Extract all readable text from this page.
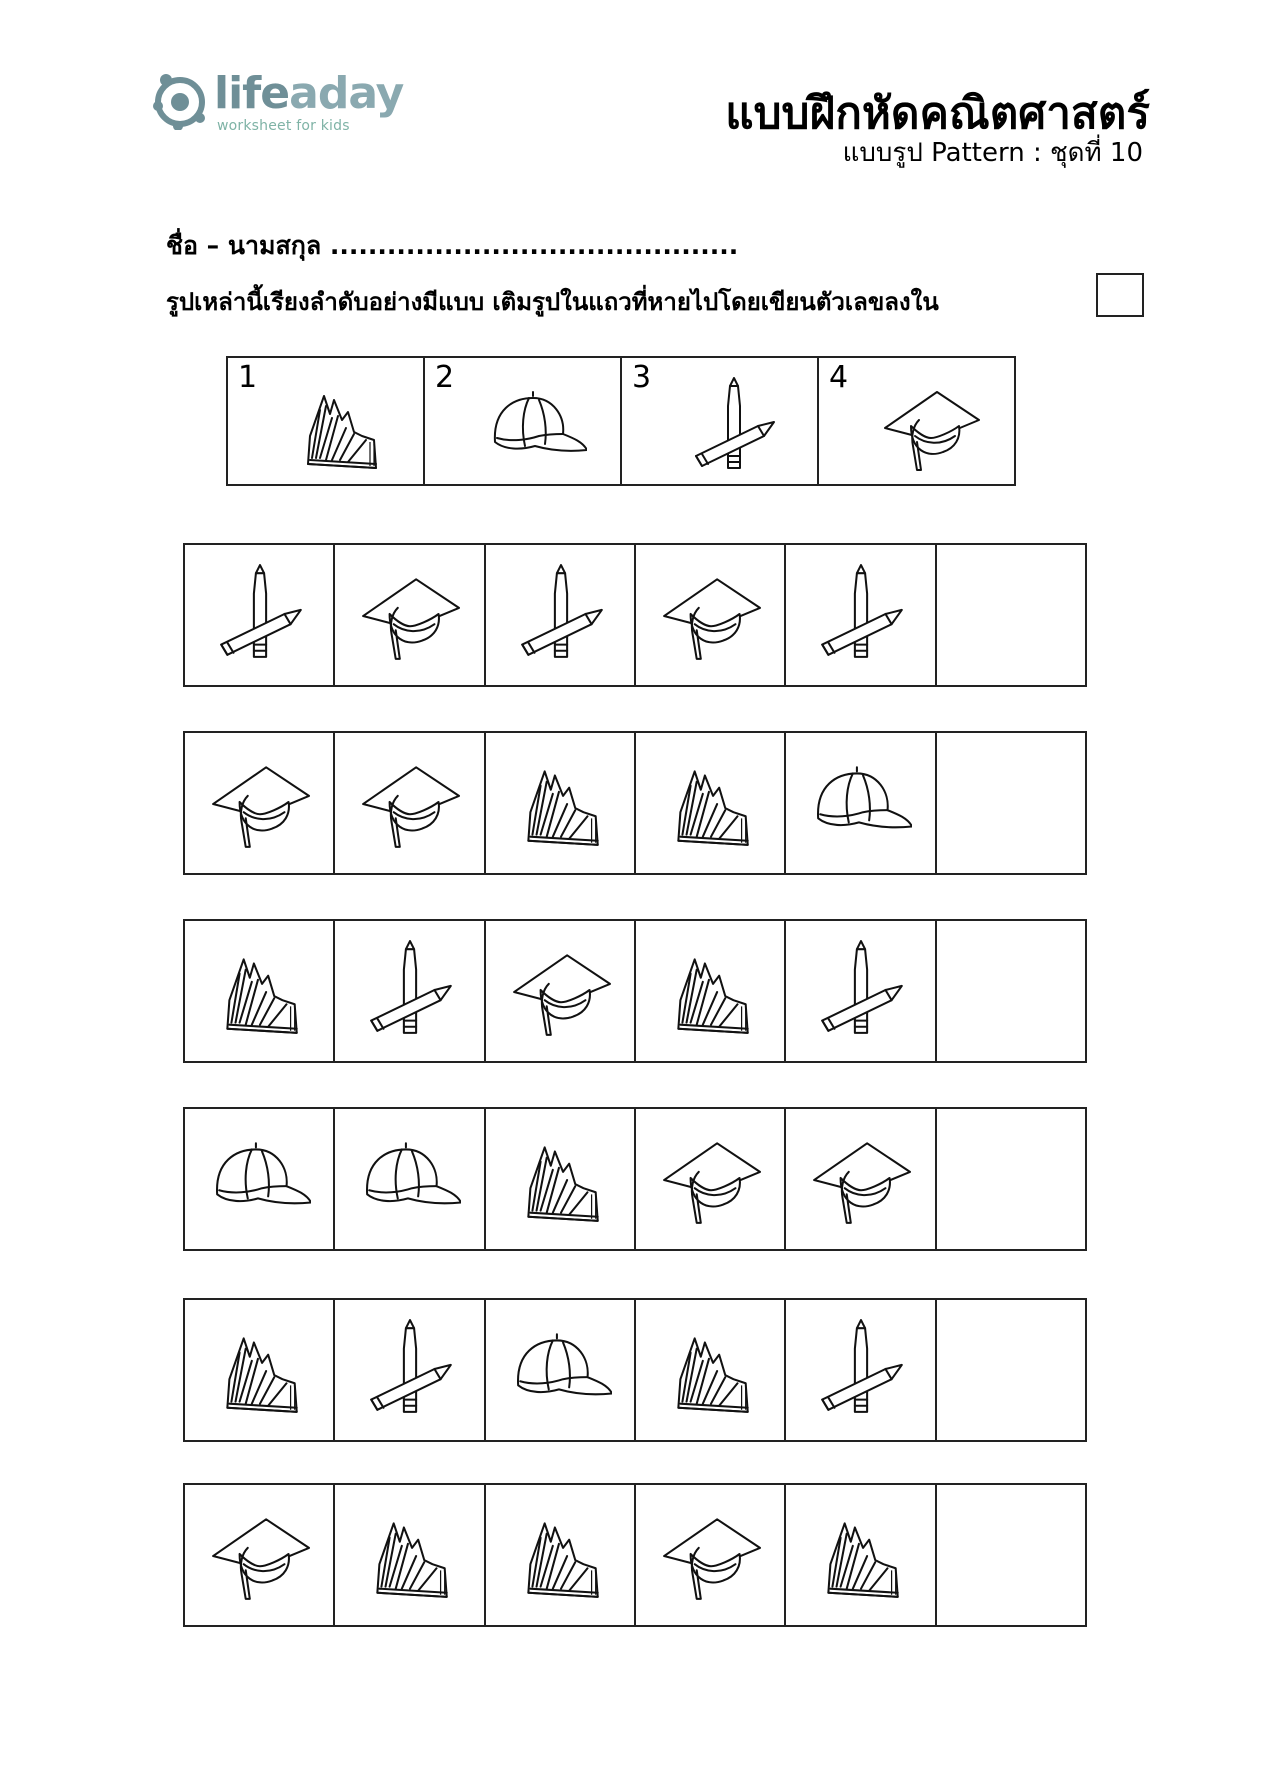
lifeaday
worksheet for kids	แบบฝึกหัดคณิตศาสตร์
แบบรูป Pattern : ชุดที่ 10
ชื่อ – นามสกุล ...........................................
รูปเหล่านี้เรียงลำดับอย่างมีแบบ เติมรูปในแถวที่หายไปโดยเขียนตัวเลขลงใน
1	2	3	4
